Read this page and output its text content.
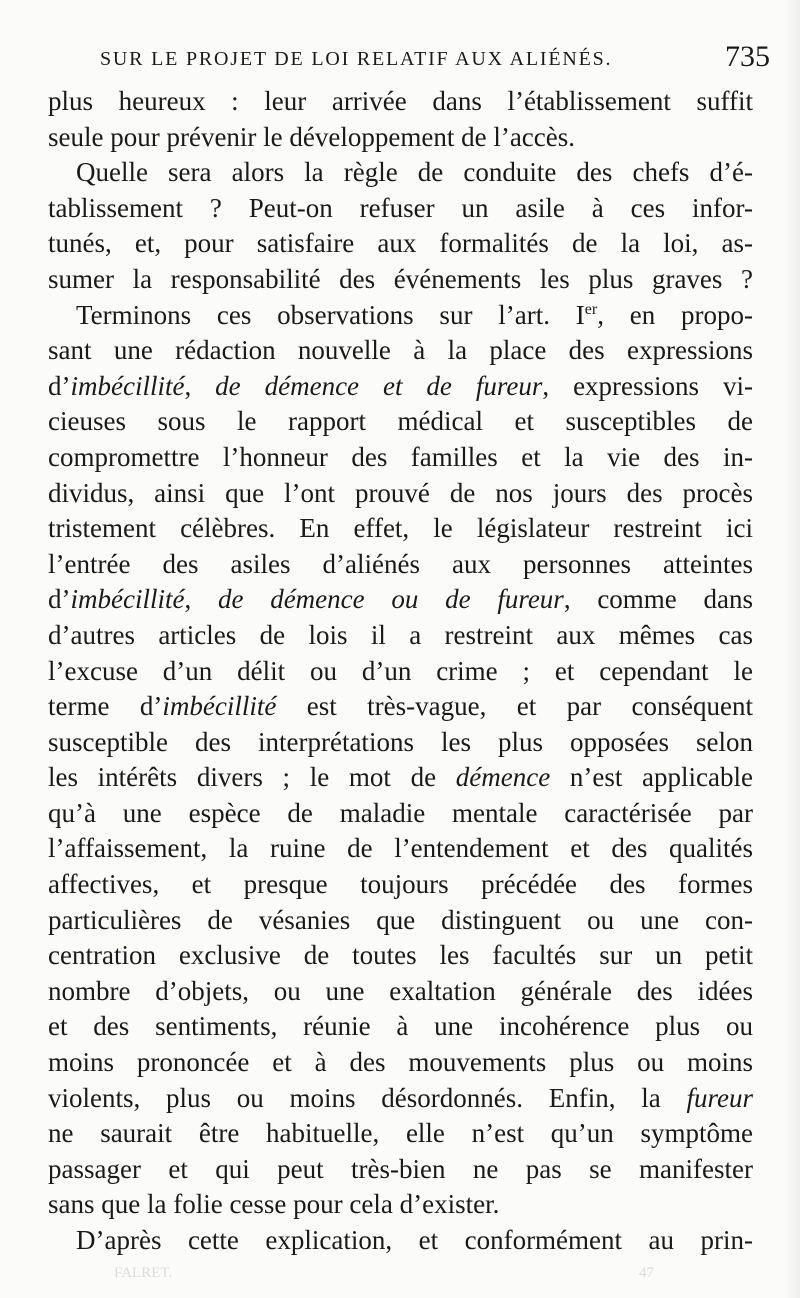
SUR LE PROJET DE LOI RELATIF AUX ALIÉNÉS.	735
plus heureux : leur arrivée dans l’établissement suffit
seule pour prévenir le développement de l’accès.
Quelle sera alors la règle de conduite des chefs d’é-
tablissement ? Peut-on refuser un asile à ces infor-
tunés, et, pour satisfaire aux formalités de la loi, as-
sumer la responsabilité des événements les plus graves ?
Terminons ces observations sur l’art. Ier, en propo-
sant une rédaction nouvelle à la place des expressions
d’imbécillité, de démence et de fureur, expressions vi-
cieuses sous le rapport médical et susceptibles de
compromettre l’honneur des familles et la vie des in-
dividus, ainsi que l’ont prouvé de nos jours des procès
tristement célèbres. En effet, le législateur restreint ici
l’entrée des asiles d’aliénés aux personnes atteintes
d’imbécillité, de démence ou de fureur, comme dans
d’autres articles de lois il a restreint aux mêmes cas
l’excuse d’un délit ou d’un crime ; et cependant le
terme d’imbécillité est très-vague, et par conséquent
susceptible des interprétations les plus opposées selon
les intérêts divers ; le mot de démence n’est applicable
qu’à une espèce de maladie mentale caractérisée par
l’affaissement, la ruine de l’entendement et des qualités
affectives, et presque toujours précédée des formes
particulières de vésanies que distinguent ou une con-
centration exclusive de toutes les facultés sur un petit
nombre d’objets, ou une exaltation générale des idées
et des sentiments, réunie à une incohérence plus ou
moins prononcée et à des mouvements plus ou moins
violents, plus ou moins désordonnés. Enfin, la fureur
ne saurait être habituelle, elle n’est qu’un symptôme
passager et qui peut très-bien ne pas se manifester
sans que la folie cesse pour cela d’exister.
D’après cette explication, et conformément au prin-
FALRET.	47
